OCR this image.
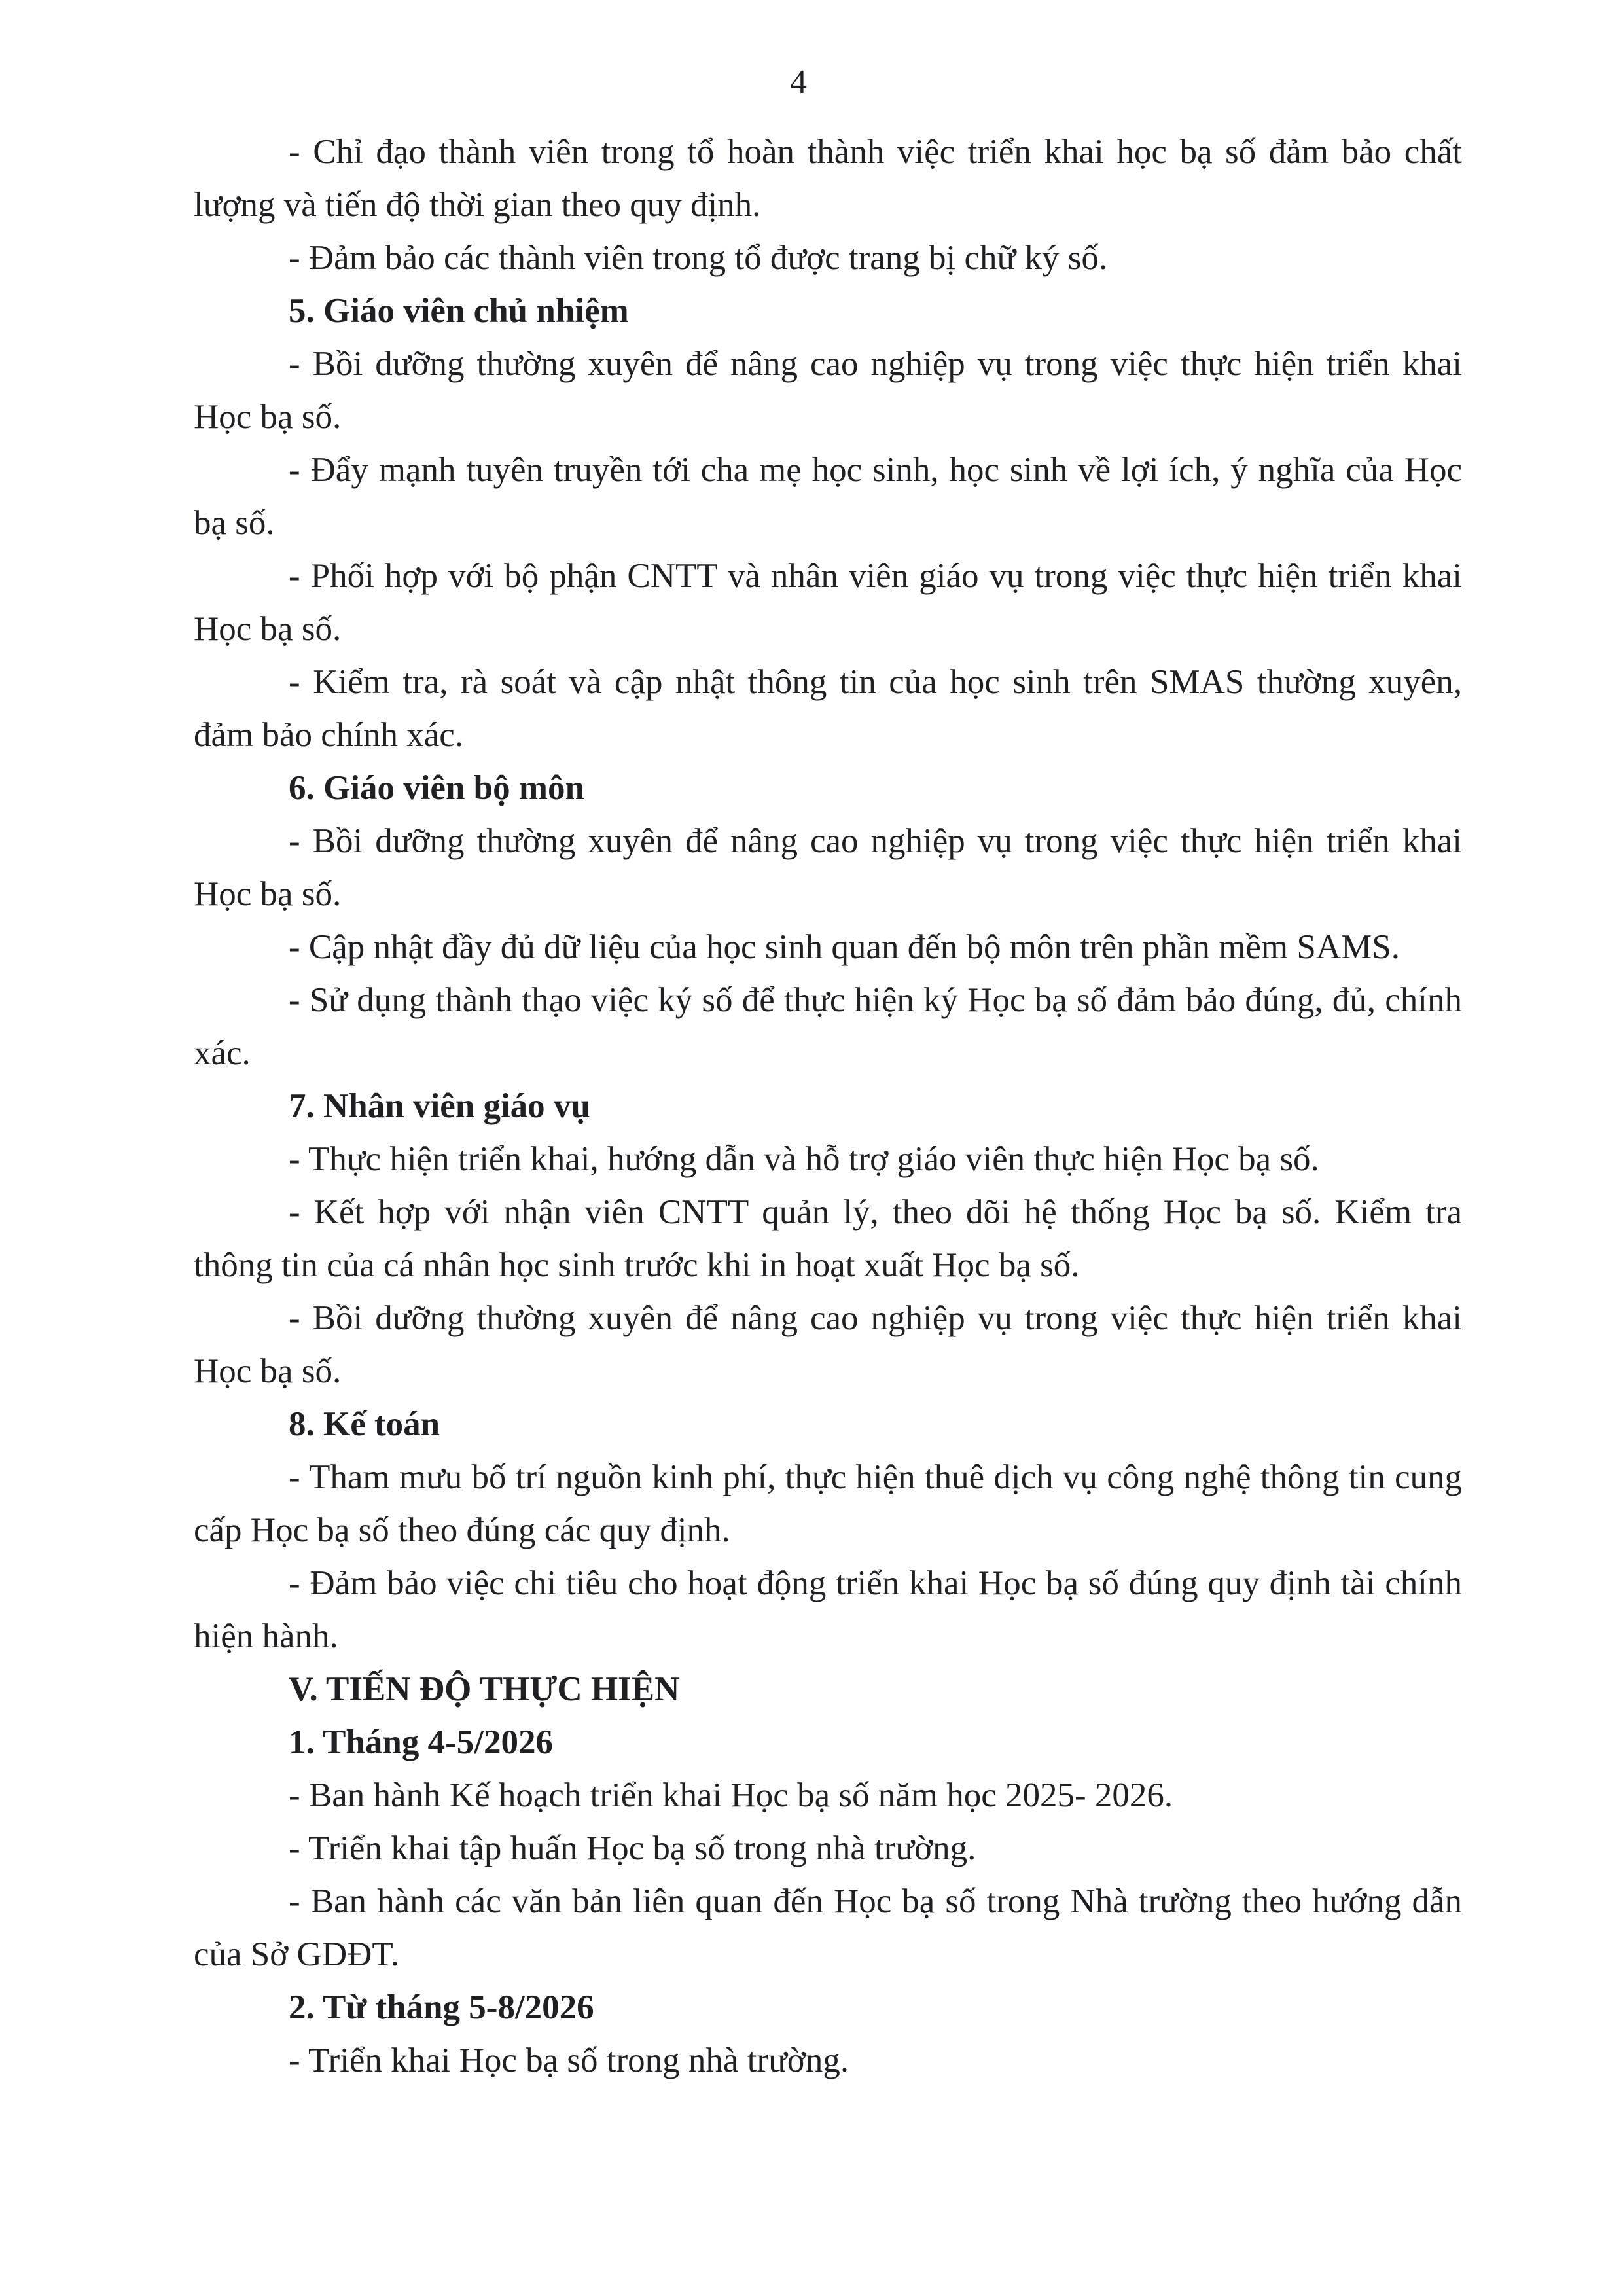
4

- Chỉ đạo thành viên trong tổ hoàn thành việc triển khai học bạ số đảm bảo chất lượng và tiến độ thời gian theo quy định.

- Đảm bảo các thành viên trong tổ được trang bị chữ ký số.

5. Giáo viên chủ nhiệm

- Bồi dưỡng thường xuyên để nâng cao nghiệp vụ trong việc thực hiện triển khai Học bạ số.

- Đẩy mạnh tuyên truyền tới cha mẹ học sinh, học sinh về lợi ích, ý nghĩa của Học bạ số.

- Phối hợp với bộ phận CNTT và nhân viên giáo vụ trong việc thực hiện triển khai Học bạ số.

- Kiểm tra, rà soát và cập nhật thông tin của học sinh trên SMAS thường xuyên, đảm bảo chính xác.

6. Giáo viên bộ môn

- Bồi dưỡng thường xuyên để nâng cao nghiệp vụ trong việc thực hiện triển khai Học bạ số.

- Cập nhật đầy đủ dữ liệu của học sinh quan đến bộ môn trên phần mềm SAMS.

- Sử dụng thành thạo việc ký số để thực hiện ký Học bạ số đảm bảo đúng, đủ, chính xác.

7. Nhân viên giáo vụ

- Thực hiện triển khai, hướng dẫn và hỗ trợ giáo viên thực hiện Học bạ số.

- Kết hợp với nhận viên CNTT quản lý, theo dõi hệ thống Học bạ số. Kiểm tra thông tin của cá nhân học sinh trước khi in hoạt xuất Học bạ số.

- Bồi dưỡng thường xuyên để nâng cao nghiệp vụ trong việc thực hiện triển khai Học bạ số.

8. Kế toán

- Tham mưu bố trí nguồn kinh phí, thực hiện thuê dịch vụ công nghệ thông tin cung cấp Học bạ số theo đúng các quy định.

- Đảm bảo việc chi tiêu cho hoạt động triển khai Học bạ số đúng quy định tài chính hiện hành.

V. TIẾN ĐỘ THỰC HIỆN

1. Tháng 4-5/2026

- Ban hành Kế hoạch triển khai Học bạ số năm học 2025- 2026.

- Triển khai tập huấn Học bạ số trong nhà trường.

- Ban hành các văn bản liên quan đến Học bạ số trong Nhà trường theo hướng dẫn của Sở GDĐT.

2. Từ tháng 5-8/2026

- Triển khai Học bạ số trong nhà trường.
